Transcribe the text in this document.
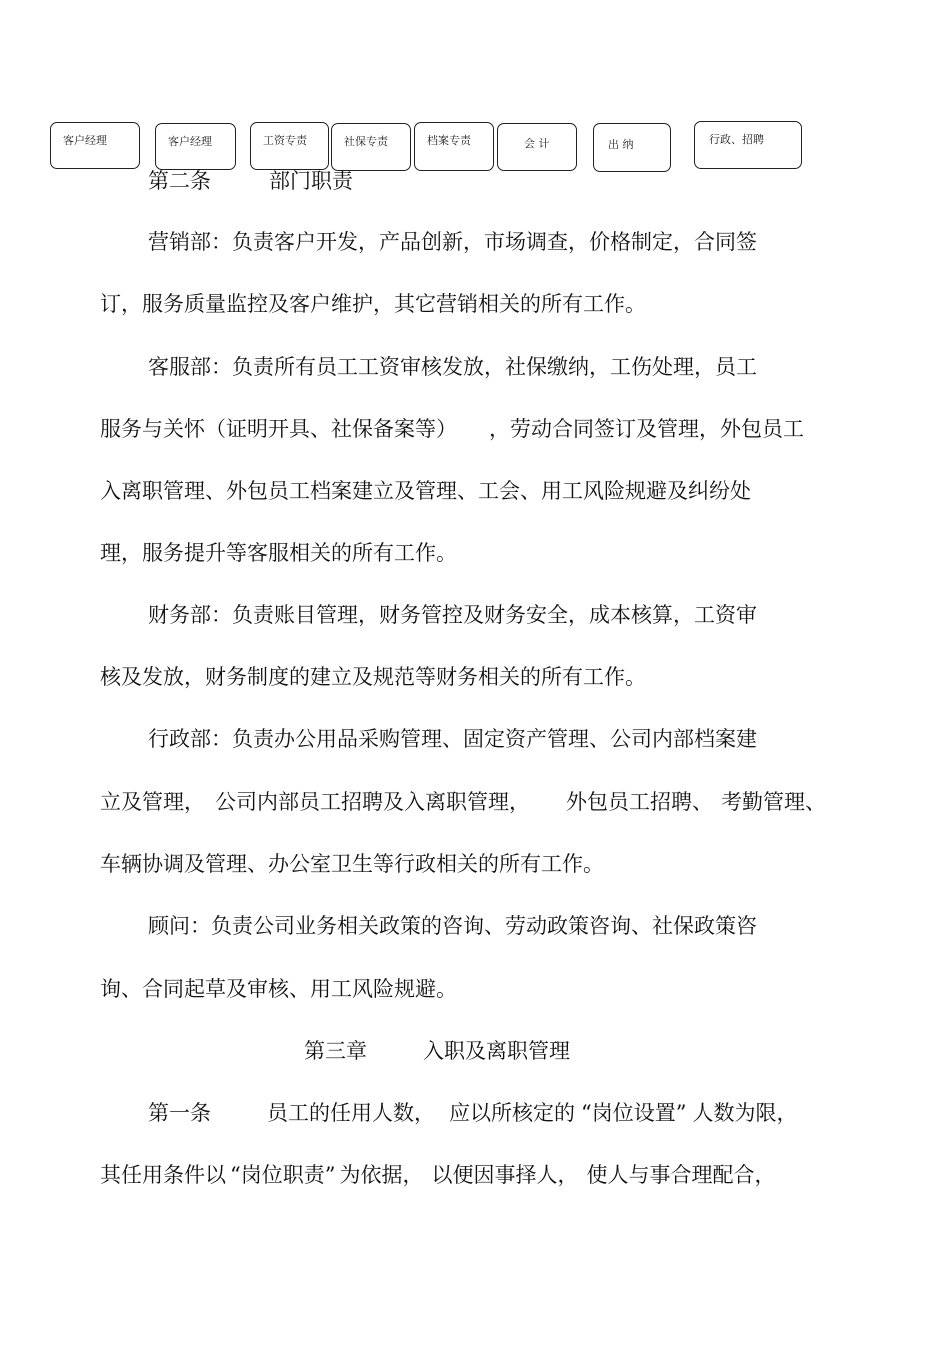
客户经理	客户经理	工资专责	社保专责	档案专责	会 计	出 纳	行政、招聘

第二条	部门职责

营销部：负责客户开发，产品创新，市场调查，价格制定，合同签

订，服务质量监控及客户维护，其它营销相关的所有工作。

客服部：负责所有员工工资审核发放，社保缴纳，工伤处理，员工

服务与关怀（证明开具、社保备案等） ，劳动合同签订及管理，外包员工

入离职管理、外包员工档案建立及管理、工会、用工风险规避及纠纷处

理，服务提升等客服相关的所有工作。

财务部：负责账目管理，财务管控及财务安全，成本核算，工资审

核及发放，财务制度的建立及规范等财务相关的所有工作。

行政部：负责办公用品采购管理、固定资产管理、公司内部档案建

立及管理， 公司内部员工招聘及入离职管理， 外包员工招聘、 考勤管理、

车辆协调及管理、办公室卫生等行政相关的所有工作。

顾问：负责公司业务相关政策的咨询、劳动政策咨询、社保政策咨

询、合同起草及审核、用工风险规避。

第三章	入职及离职管理

第一条	员工的任用人数， 应以所核定的 “岗位设置” 人数为限，

其任用条件以 “岗位职责” 为依据， 以便因事择人， 使人与事合理配合，
